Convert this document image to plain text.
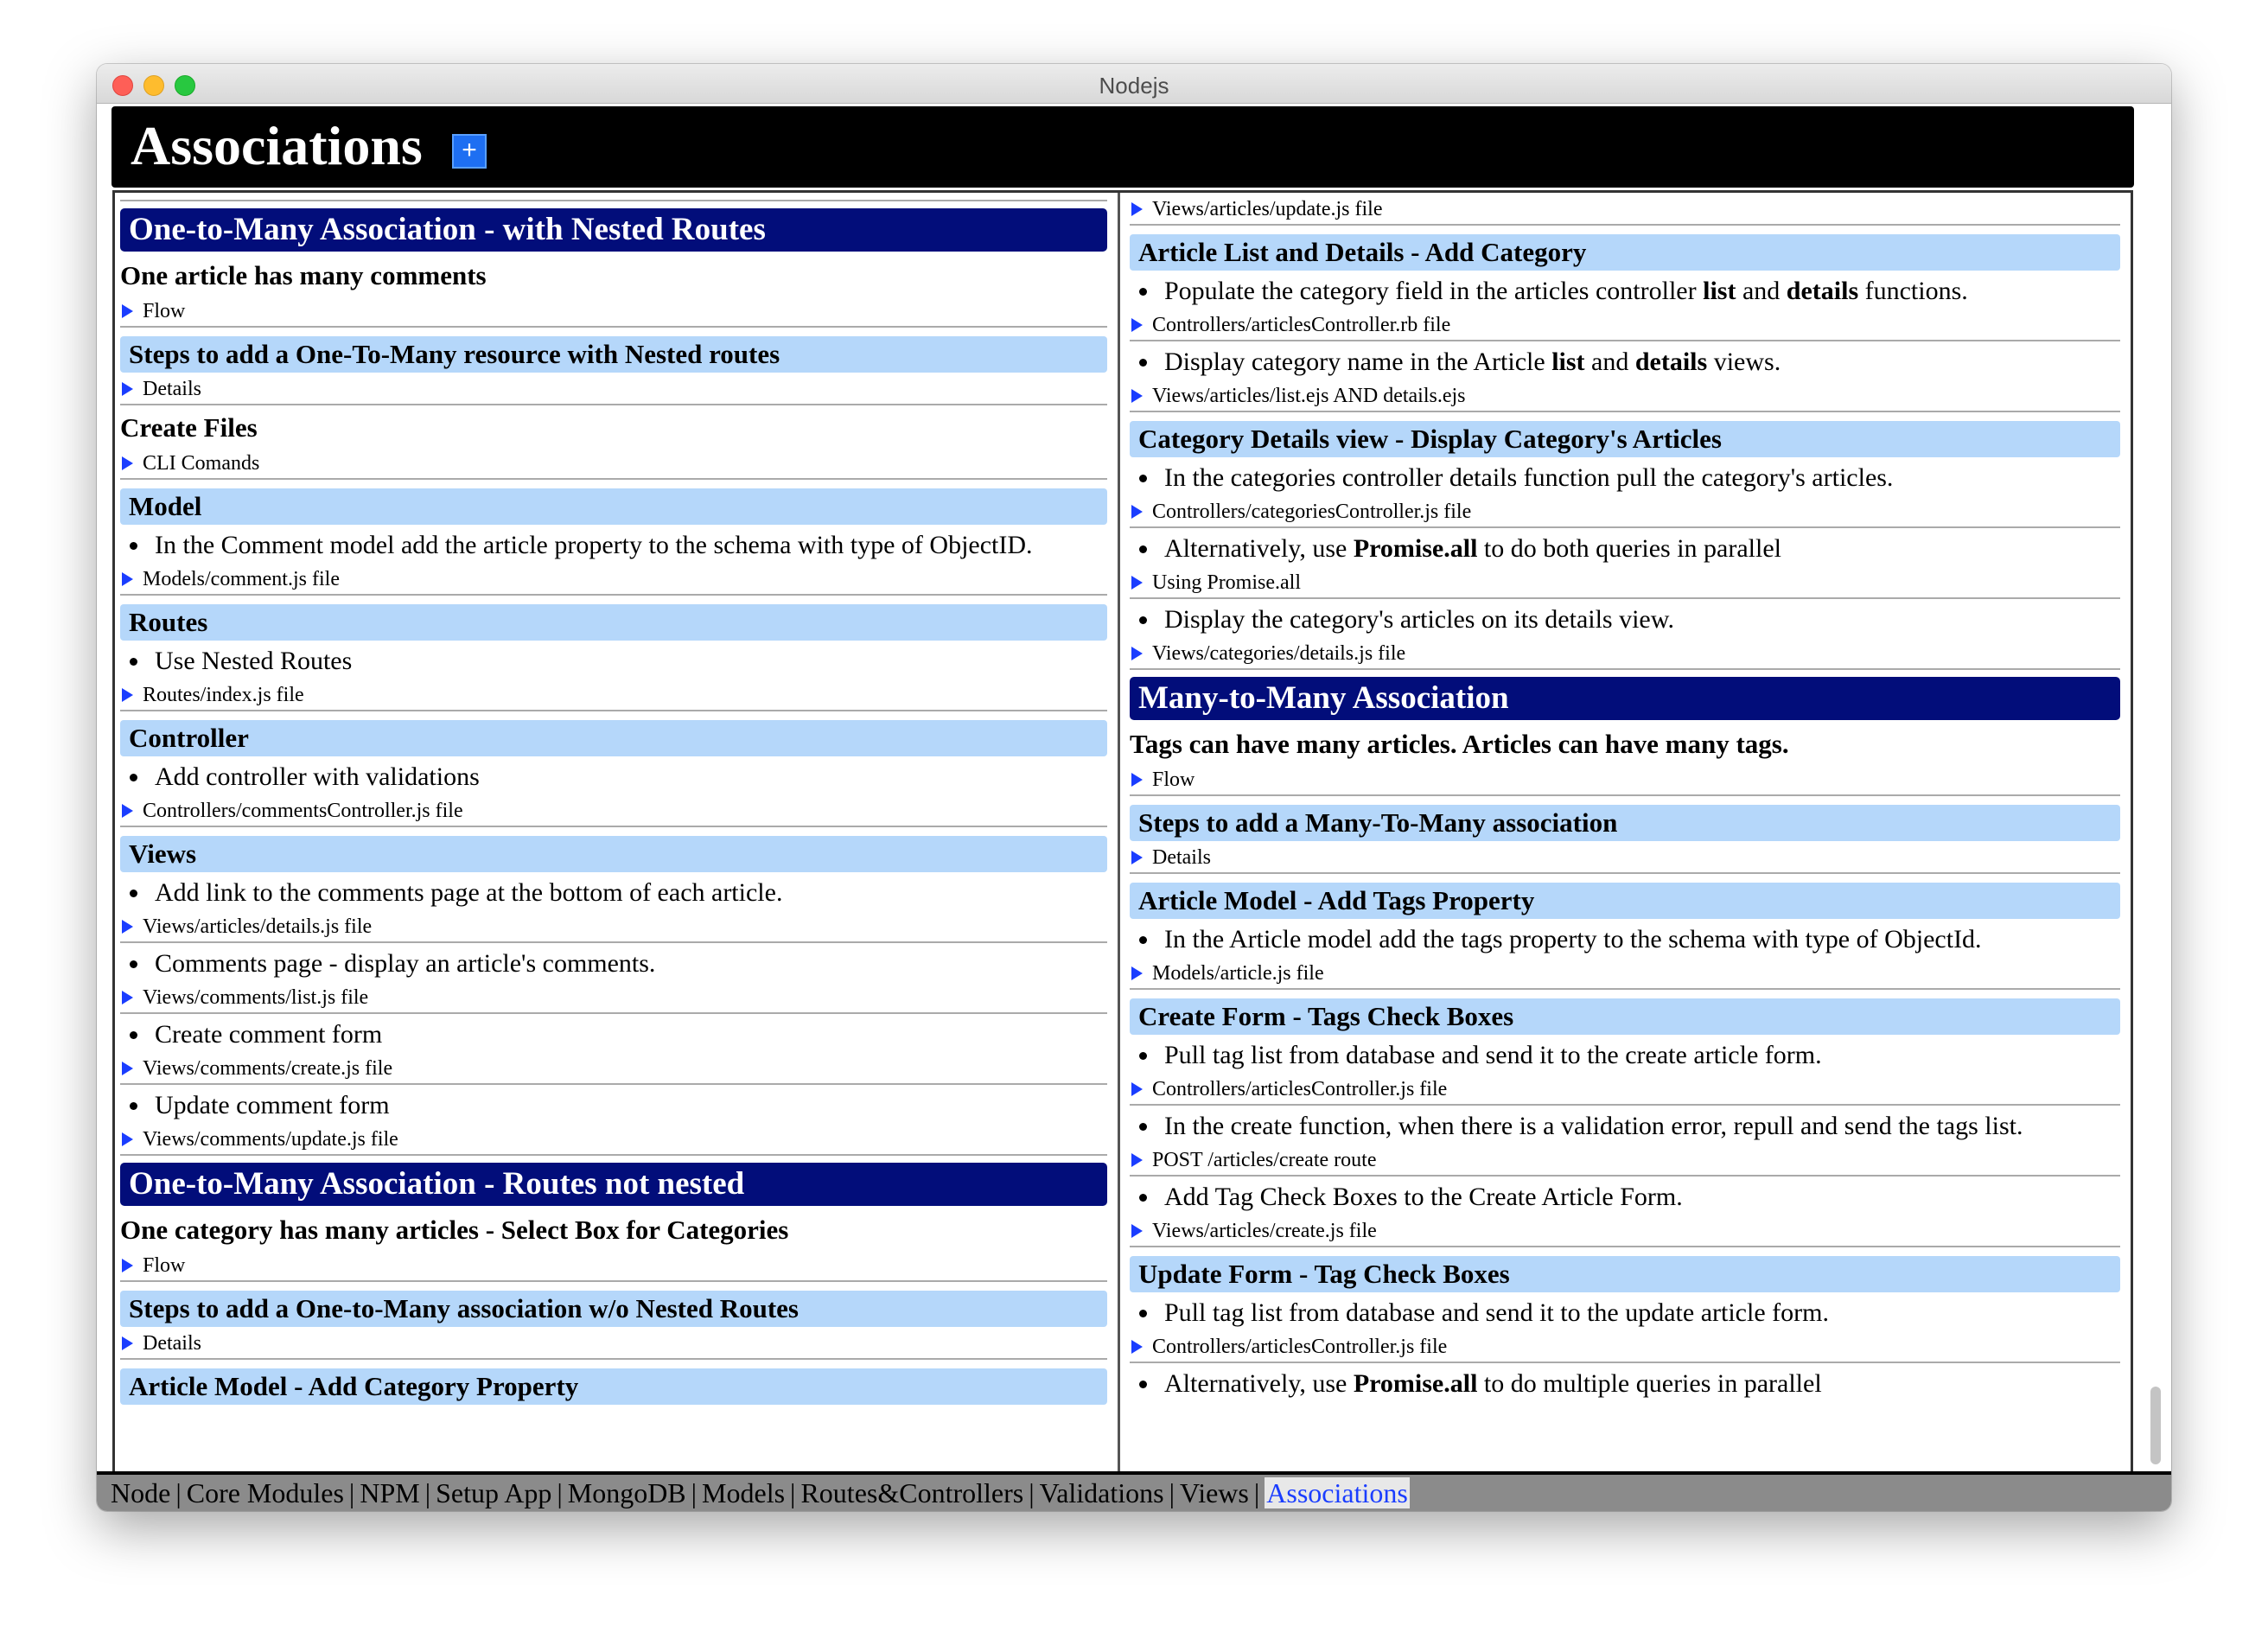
Nodejs
Associations	+
One-to-Many Association - with Nested Routes
One article has many comments
Flow
Steps to add a One-To-Many resource with Nested routes
Details
Create Files
CLI Comands
Model
In the Comment model add the article property to the schema with type of ObjectID.
Models/comment.js file
Routes
Use Nested Routes
Routes/index.js file
Controller
Add controller with validations
Controllers/commentsController.js file
Views
Add link to the comments page at the bottom of each article.
Views/articles/details.js file
Comments page - display an article's comments.
Views/comments/list.js file
Create comment form
Views/comments/create.js file
Update comment form
Views/comments/update.js file
One-to-Many Association - Routes not nested
One category has many articles - Select Box for Categories
Flow
Steps to add a One-to-Many association w/o Nested Routes
Details
Article Model - Add Category Property
Views/articles/update.js file
Article List and Details - Add Category
Populate the category field in the articles controller list and details functions.
Controllers/articlesController.rb file
Display category name in the Article list and details views.
Views/articles/list.ejs AND details.ejs
Category Details view - Display Category's Articles
In the categories controller details function pull the category's articles.
Controllers/categoriesController.js file
Alternatively, use Promise.all to do both queries in parallel
Using Promise.all
Display the category's articles on its details view.
Views/categories/details.js file
Many-to-Many Association
Tags can have many articles. Articles can have many tags.
Flow
Steps to add a Many-To-Many association
Details
Article Model - Add Tags Property
In the Article model add the tags property to the schema with type of ObjectId.
Models/article.js file
Create Form - Tags Check Boxes
Pull tag list from database and send it to the create article form.
Controllers/articlesController.js file
In the create function, when there is a validation error, repull and send the tags list.
POST /articles/create route
Add Tag Check Boxes to the Create Article Form.
Views/articles/create.js file
Update Form - Tag Check Boxes
Pull tag list from database and send it to the update article form.
Controllers/articlesController.js file
Alternatively, use Promise.all to do multiple queries in parallel
Node | Core Modules | NPM | Setup App | MongoDB | Models | Routes&Controllers | Validations | Views | Associations
